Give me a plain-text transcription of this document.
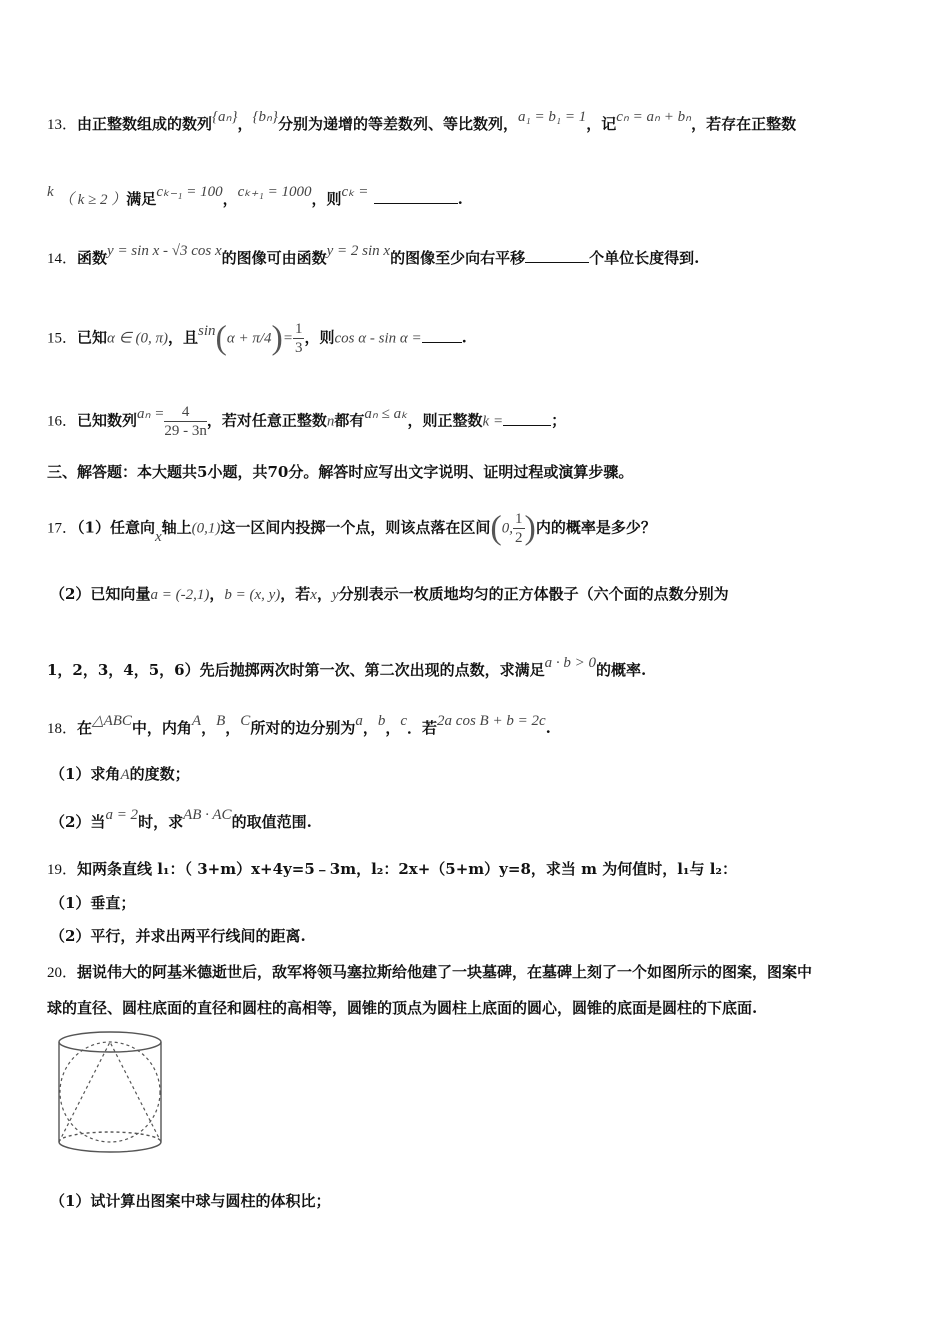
13．由正整数组成的数列{aₙ}，{bₙ}分别为递增的等差数列、等比数列，a₁ = b₁ = 1，记cₙ = aₙ + bₙ，若存在正整数
k （ k ≥ 2 ）满足cₖ₋₁ = 100，cₖ₊₁ = 1000，则cₖ =	.
14．函数y = sin x - √3 cos x的图像可由函数y = 2 sin x的图像至少向右平移	个单位长度得到.
15．已知α ∈ (0, π)，且$\sin(\alpha + \pi/4)= \frac{1}{3}$ ，则cos α - sin α =	.
16．已知数列$a_n = \frac{4}{29 - 3n}$ ，若对任意正整数n都有aₙ ≤ aₖ，则正整数k =	；
三、解答题：本大题共5小题，共70分。解答时应写出文字说明、证明过程或演算步骤。
17．（1）任意向x轴上(0,1)这一区间内投掷一个点，则该点落在区间(0, $\frac{1}{2}$ )内的概率是多少？
（2）已知向量a = (-2,1)，b = (x, y)，若x，y分别表示一枚质地均匀的正方体骰子（六个面的点数分别为
1，2，3，4，5，6）先后抛掷两次时第一次、第二次出现的点数，求满足a · b > 0的概率.
18．在△ABC中，内角A，B，C所对的边分别为a，b，c．若2a cos B + b = 2c.
（1）求角A的度数；
（2）当a = 2时，求AB · AC的取值范围.
19．知两条直线 l₁：（ 3+m）x+4y=5﹣3m，l₂：2x+（5+m）y=8，求当 m 为何值时，l₁与 l₂：
（1）垂直；
（2）平行，并求出两平行线间的距离.
20．据说伟大的阿基米德逝世后，敌军将领马塞拉斯给他建了一块墓碑，在墓碑上刻了一个如图所示的图案，图案中
球的直径、圆柱底面的直径和圆柱的高相等，圆锥的顶点为圆柱上底面的圆心，圆锥的底面是圆柱的下底面.
（1）试计算出图案中球与圆柱的体积比；
